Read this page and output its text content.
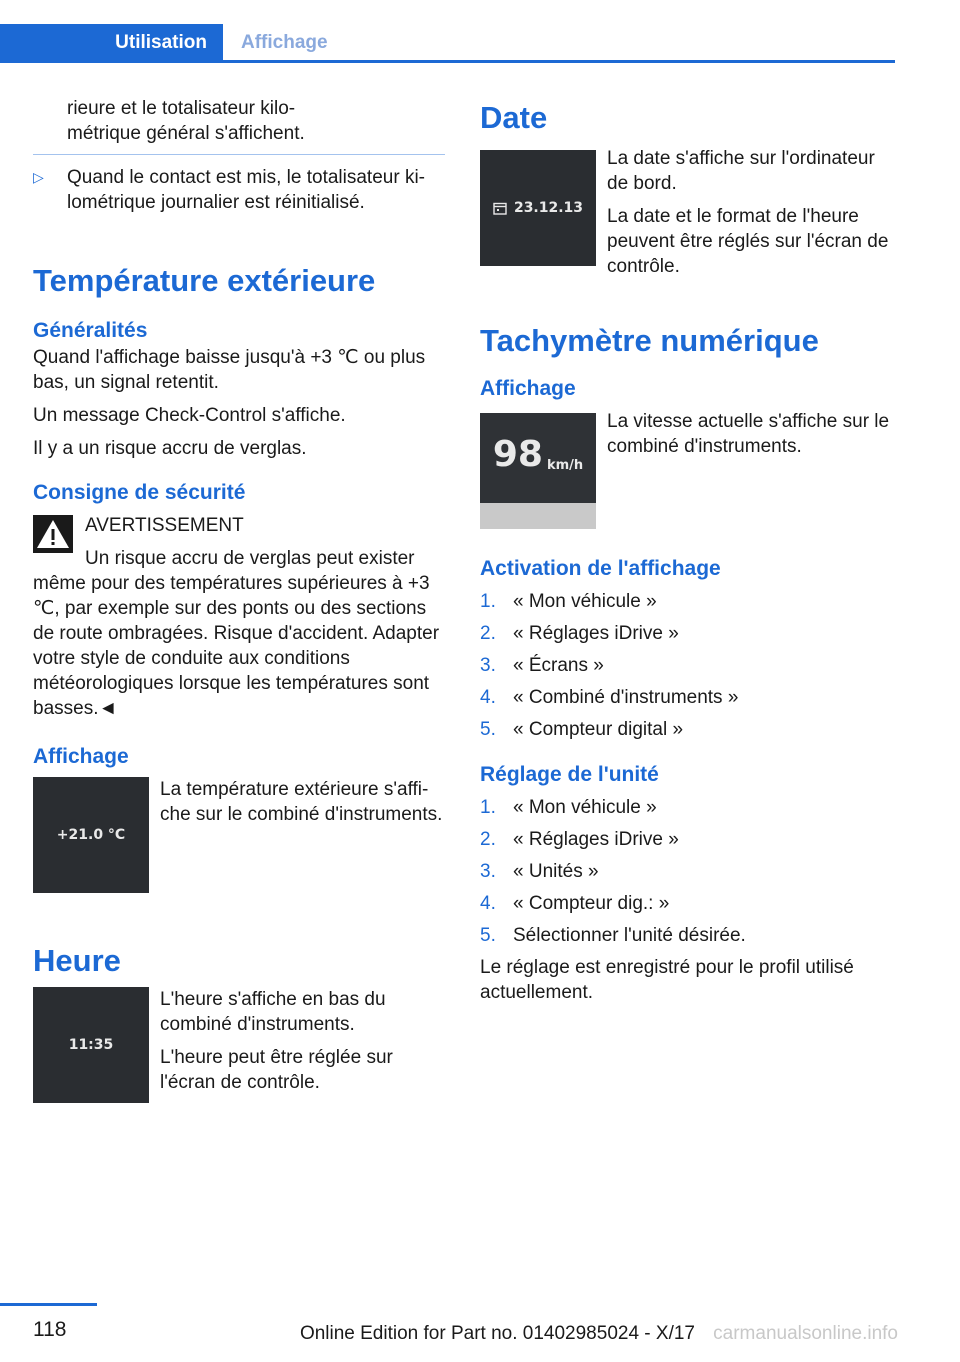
Utilisation	Affichage
rieure et le totalisateur kilo-
métrique général s'affichent.
▷	Quand le contact est mis, le totalisateur kilométrique journalier est réinitialisé.
Température extérieure
Généralités

Quand l'affichage baisse jusqu'à +3 ℃ ou plus bas, un signal retentit.

Un message Check-Control s'affiche.

Il y a un risque accru de verglas.

Consigne de sécurité
AVERTISSEMENT
Un risque accru de verglas peut exister

même pour des températures supérieures à +3 ℃, par exemple sur des ponts ou des sections de route ombragées. Risque d'accident. Adapter votre style de conduite aux conditions météorologiques lorsque les températures sont basses.◄

Affichage
+21.0 °C
La température extérieure s'affiche sur le combiné d'instruments.
Heure
11:35

L'heure s'affiche en bas du combiné d'instruments.

L'heure peut être réglée sur l'écran de contrôle.

Date
23.12.13

La date s'affiche sur l'ordinateur de bord.

La date et le format de l'heure peuvent être réglés sur l'écran de contrôle.

Tachymètre numérique
Affichage
98 km/h
La vitesse actuelle s'affiche sur le combiné d'instruments.
Activation de l'affichage
1. « Mon véhicule »
2. « Réglages iDrive »
3. « Écrans »
4. « Combiné d'instruments »
5. « Compteur digital »
Réglage de l'unité
1. « Mon véhicule »
2. « Réglages iDrive »
3. « Unités »
4. « Compteur dig.: »
5. Sélectionner l'unité désirée.

Le réglage est enregistré pour le profil utilisé actuellement.

118	Online Edition for Part no. 01402985024 - X/17 carmanualsonline.info
